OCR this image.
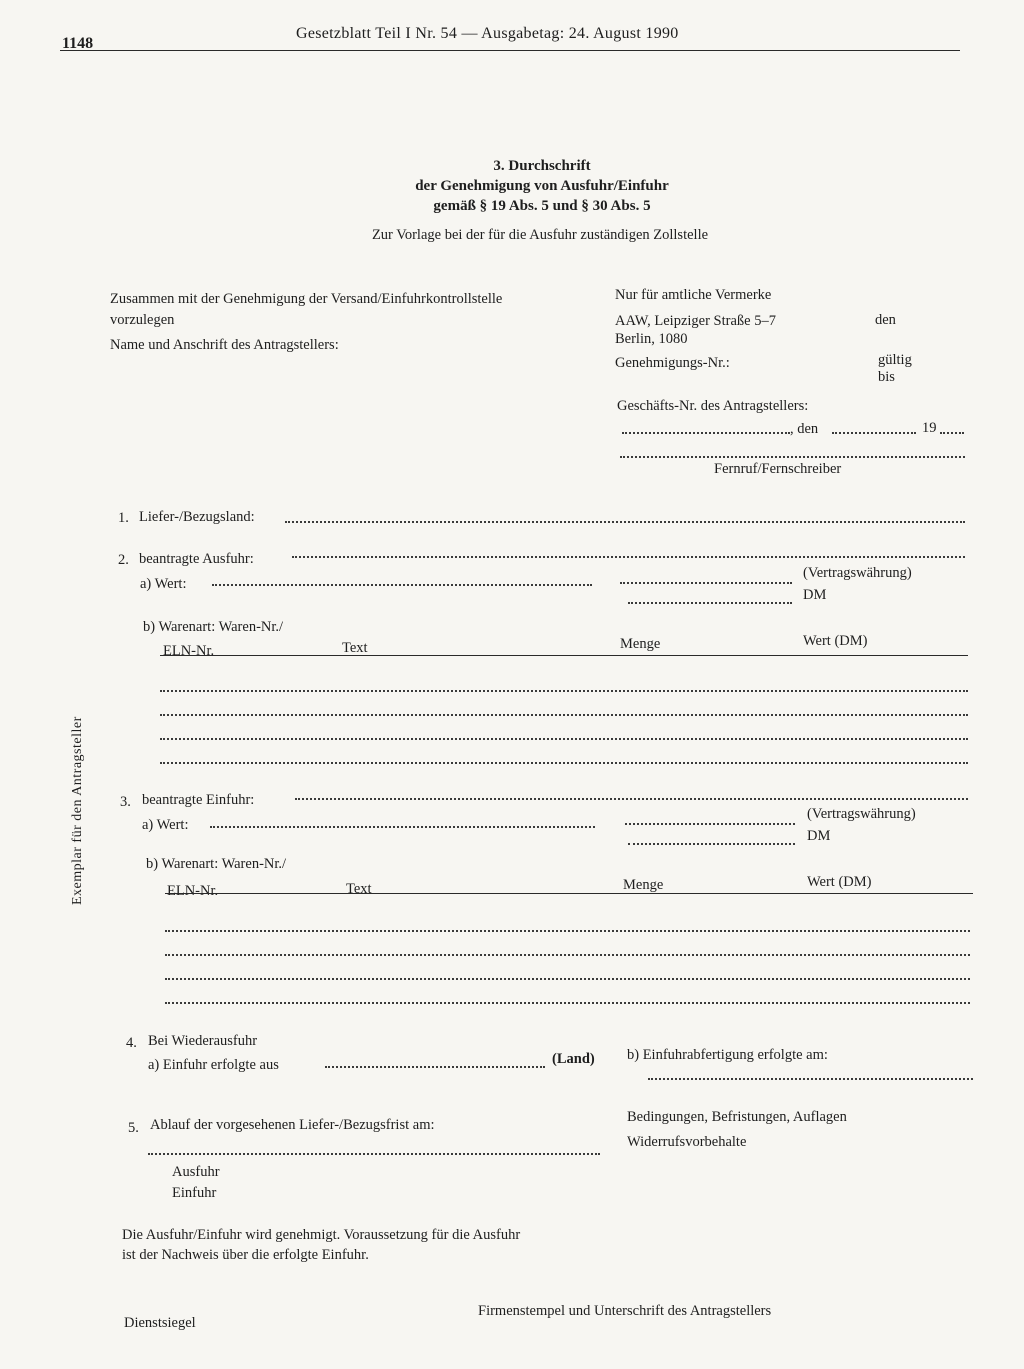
1148
Gesetzblatt Teil I Nr. 54 — Ausgabetag: 24. August 1990
3. Durchschrift
der Genehmigung von Ausfuhr/Einfuhr
gemäß § 19 Abs. 5 und § 30 Abs. 5
Zur Vorlage bei der für die Ausfuhr zuständigen Zollstelle
Zusammen mit der Genehmigung der Versand/Einfuhrkontrollstelle
vorzulegen
Name und Anschrift des Antragstellers:
Nur für amtliche Vermerke
AAW, Leipziger Straße 5–7
Berlin, 1080
den
Genehmigungs-Nr.:	gültig
bis
Geschäfts-Nr. des Antragstellers:
, den	19
Fernruf/Fernschreiber
1. Liefer-/Bezugsland:
2. beantragte Ausfuhr:
a) Wert:
(Vertragswährung)
DM
b) Warenart: Waren-Nr./
ELN-Nr.	Text	Menge	Wert (DM)
3. beantragte Einfuhr:
a) Wert:
(Vertragswährung)
DM
b) Warenart: Waren-Nr./
ELN-Nr.	Text	Menge	Wert (DM)
4. Bei Wiederausfuhr
a) Einfuhr erfolgte aus	(Land) b) Einfuhrabfertigung erfolgte am:
5. Ablauf der vorgesehenen Liefer-/Bezugsfrist am:
Ausfuhr
Einfuhr
Bedingungen, Befristungen, Auflagen
Widerrufsvorbehalte
Die Ausfuhr/Einfuhr wird genehmigt. Voraussetzung für die Ausfuhr
ist der Nachweis über die erfolgte Einfuhr.
Dienstsiegel
Firmenstempel und Unterschrift des Antragstellers
Exemplar für den Antragsteller
